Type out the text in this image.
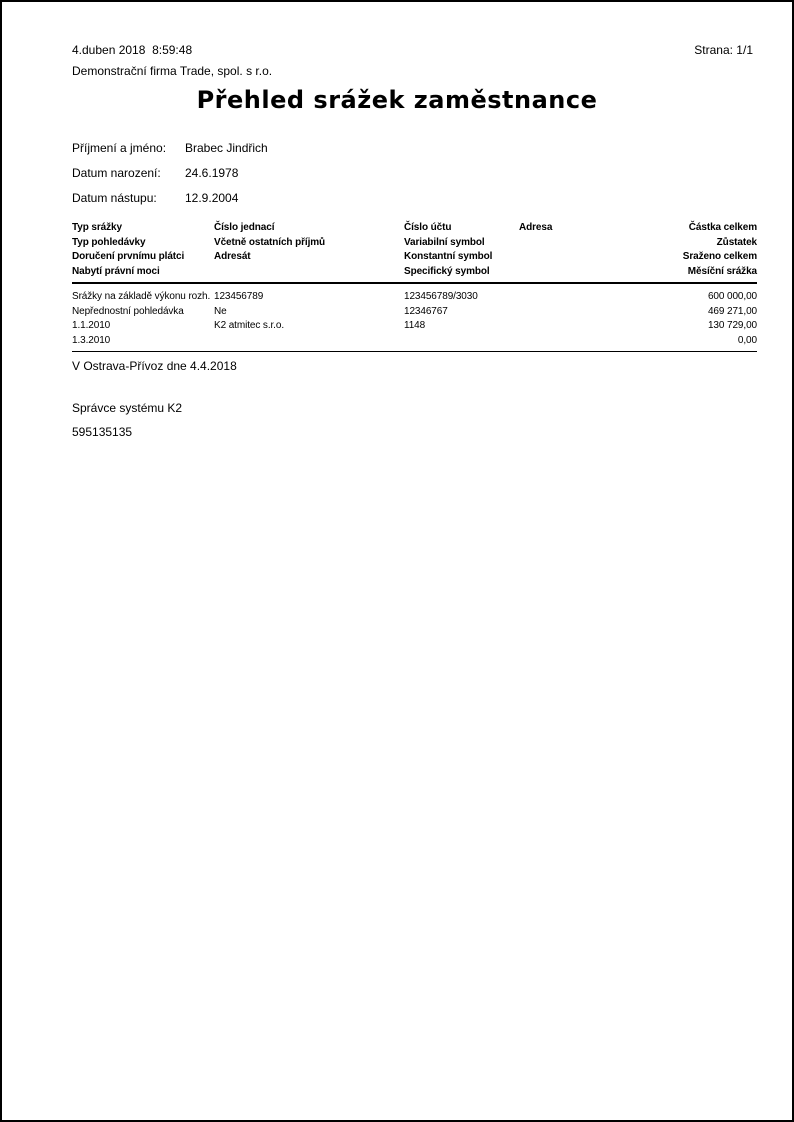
4.duben 2018  8:59:48	Strana: 1/1
Demonstrační firma Trade, spol. s r.o.
Přehled srážek zaměstnance
Příjmení a jméno: Brabec Jindřich
Datum narození: 24.6.1978
Datum nástupu: 12.9.2004
Typ srážky
Typ pohledávky
Doručení prvnímu plátci
Nabytí právní moci
Číslo jednací
Včetně ostatních příjmů
Adresát
Číslo účtu
Variabilní symbol
Konstantní symbol
Specifický symbol
Adresa	Částka celkem
Zůstatek
Sraženo celkem
Měsíční srážka
Srážky na základě výkonu rozh.
Nepřednostní pohledávka
1.1.2010
1.3.2010
123456789
Ne
K2 atmitec s.r.o.
123456789/3030
12346767
1148
600 000,00
469 271,00
130 729,00
0,00
V Ostrava-Přívoz dne 4.4.2018
Správce systému K2
595135135
